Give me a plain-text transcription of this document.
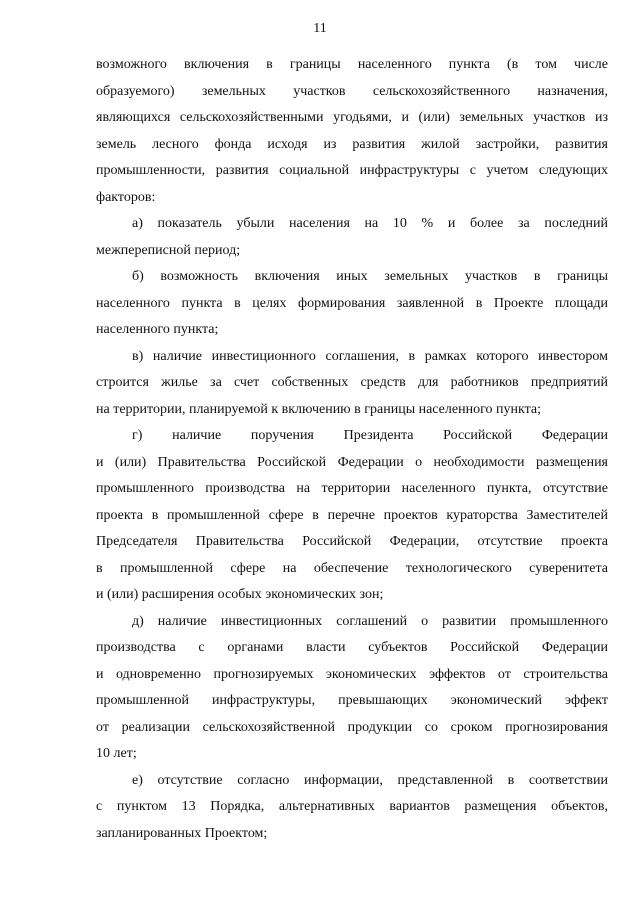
11

возможного включения в границы населенного пункта (в том числе
образуемого) земельных участков сельскохозяйственного назначения,
являющихся сельскохозяйственными угодьями, и (или) земельных участков из
земель лесного фонда исходя из развития жилой застройки, развития
промышленности, развития социальной инфраструктуры с учетом следующих
факторов:

а) показатель убыли населения на 10 % и более за последний
межпереписной период;

б) возможность включения иных земельных участков в границы
населенного пункта в целях формирования заявленной в Проекте площади
населенного пункта;

в) наличие инвестиционного соглашения, в рамках которого инвестором
строится жилье за счет собственных средств для работников предприятий
на территории, планируемой к включению в границы населенного пункта;

г) наличие поручения Президента Российской Федерации
и (или) Правительства Российской Федерации о необходимости размещения
промышленного производства на территории населенного пункта, отсутствие
проекта в промышленной сфере в перечне проектов кураторства Заместителей
Председателя Правительства Российской Федерации, отсутствие проекта
в промышленной сфере на обеспечение технологического суверенитета
и (или) расширения особых экономических зон;

д) наличие инвестиционных соглашений о развитии промышленного
производства с органами власти субъектов Российской Федерации
и одновременно прогнозируемых экономических эффектов от строительства
промышленной инфраструктуры, превышающих экономический эффект
от реализации сельскохозяйственной продукции со сроком прогнозирования
10 лет;

е) отсутствие согласно информации, представленной в соответствии
с пунктом 13 Порядка, альтернативных вариантов размещения объектов,
запланированных Проектом;
